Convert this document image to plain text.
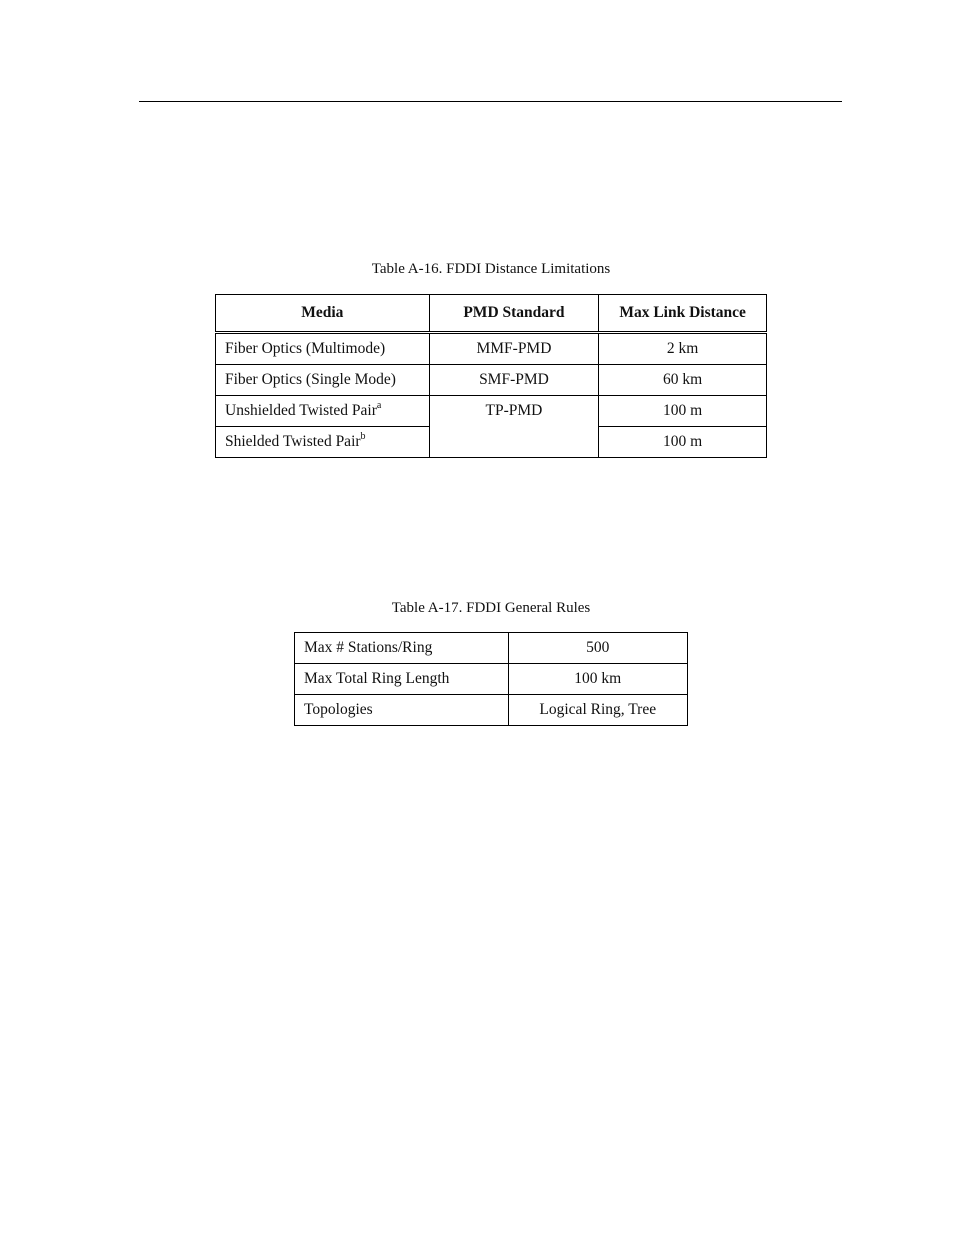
Table A-16. FDDI Distance Limitations
Media	PMD Standard	Max Link Distance
Fiber Optics (Multimode)	MMF-PMD	2 km
Fiber Optics (Single Mode)	SMF-PMD	60 km
Unshielded Twisted Pair$^a$	TP-PMD	100 m
Shielded Twisted Pair$^b$		100 m
Table A-17. FDDI General Rules
Max # Stations/Ring	500
Max Total Ring Length	100 km
Topologies	Logical Ring, Tree
